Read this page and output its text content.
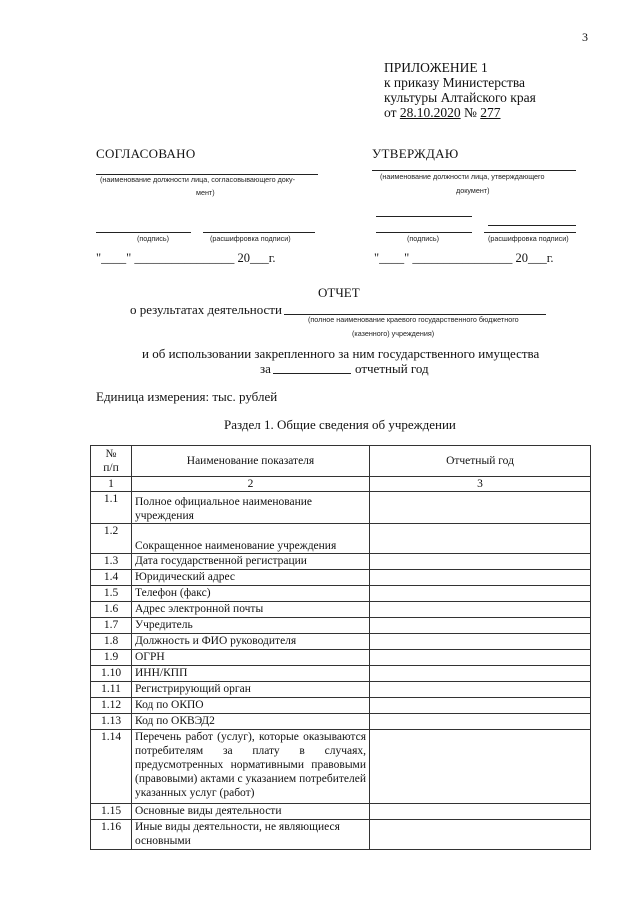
3
ПРИЛОЖЕНИЕ 1
к приказу Министерства
культуры Алтайского края
от 28.10.2020 № 277
СОГЛАСОВАНО
(наименование должности лица, согласовывающего доку-
мент)
(подпись)	(расшифровка подписи)
"____" ________________ 20___г.
УТВЕРЖДАЮ
(наименование должности лица, утверждающего
документ)
(подпись)	(расшифровка подписи)
"____" ________________ 20___г.
ОТЧЕТ
о результатах деятельности
(полное наименование краевого государственного бюджетного
(казенного) учреждения)
и об использовании закрепленного за ним государственного имущества
за	отчетный год
Единица измерения: тыс. рублей
Раздел 1. Общие сведения об учреждении
№
п/п	Наименование показателя	Отчетный год
1	2	3
1.1	Полное официальное наименование учреждения	
1.2	Сокращенное наименование учреждения	
1.3	Дата государственной регистрации	
1.4	Юридический адрес	
1.5	Телефон (факс)	
1.6	Адрес электронной почты	
1.7	Учредитель	
1.8	Должность и ФИО руководителя	
1.9	ОГРН	
1.10	ИНН/КПП	
1.11	Регистрирующий орган	
1.12	Код по ОКПО	
1.13	Код по ОКВЭД2	
1.14	Перечень работ (услуг), которые оказываются потребителям за плату в случаях, предусмотренных нормативными правовыми (правовыми) актами с указанием потребителей указанных услуг (работ)	
1.15	Основные виды деятельности	
1.16	Иные виды деятельности, не являющиеся основными	
